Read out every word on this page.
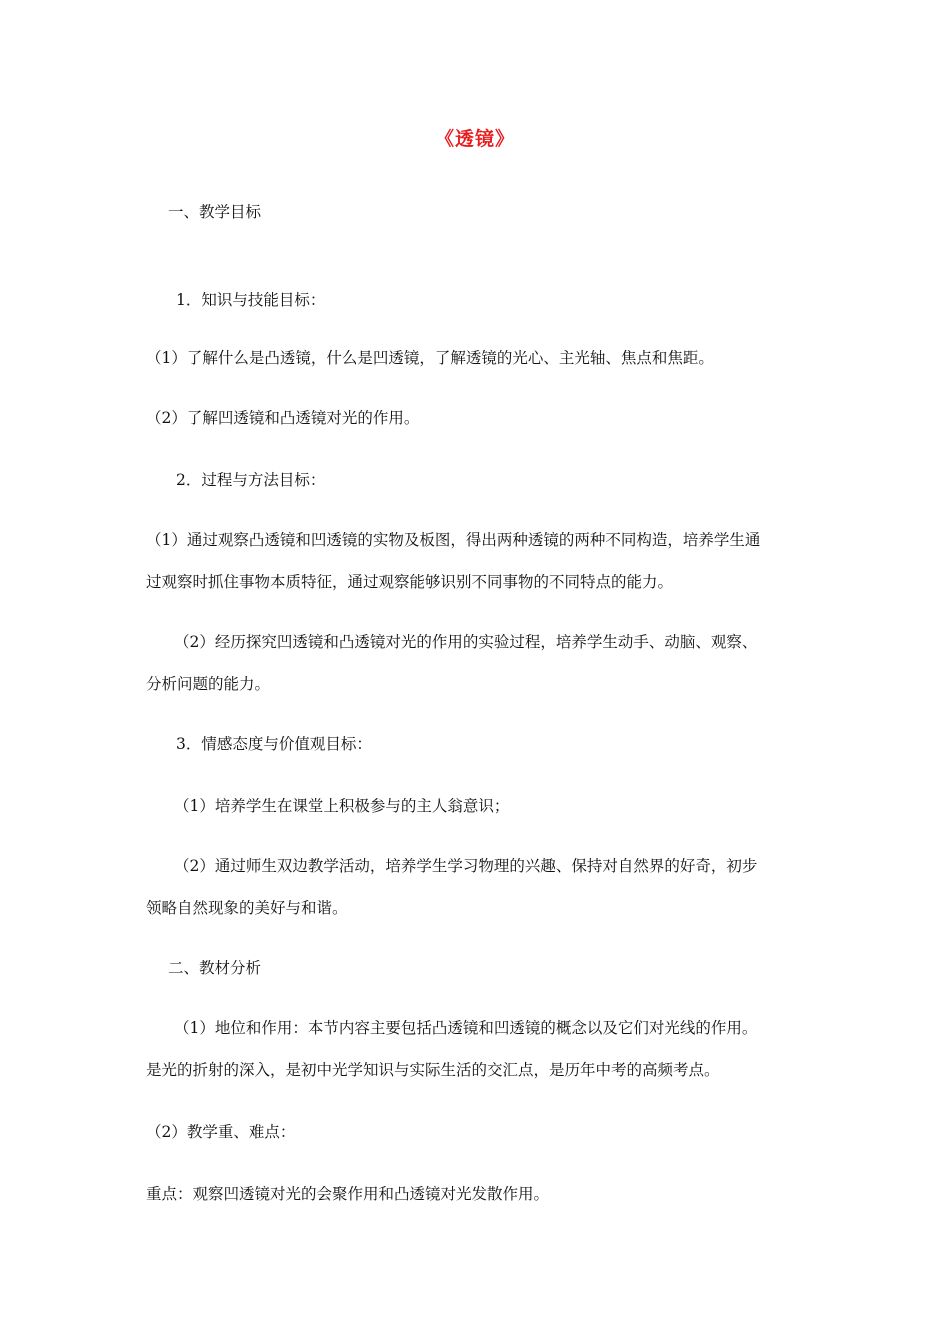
《透镜》
一、教学目标
1．知识与技能目标：
（1）了解什么是凸透镜，什么是凹透镜，了解透镜的光心、主光轴、焦点和焦距。
（2）了解凹透镜和凸透镜对光的作用。
2．过程与方法目标：
（1）通过观察凸透镜和凹透镜的实物及板图，得出两种透镜的两种不同构造，培养学生通
过观察时抓住事物本质特征，通过观察能够识别不同事物的不同特点的能力。
（2）经历探究凹透镜和凸透镜对光的作用的实验过程，培养学生动手、动脑、观察、
分析问题的能力。
3．情感态度与价值观目标：
（1）培养学生在课堂上积极参与的主人翁意识；
（2）通过师生双边教学活动，培养学生学习物理的兴趣、保持对自然界的好奇，初步
领略自然现象的美好与和谐。
二、教材分析
（1）地位和作用：本节内容主要包括凸透镜和凹透镜的概念以及它们对光线的作用。
是光的折射的深入，是初中光学知识与实际生活的交汇点，是历年中考的高频考点。
（2）教学重、难点：
重点：观察凹透镜对光的会聚作用和凸透镜对光发散作用。
